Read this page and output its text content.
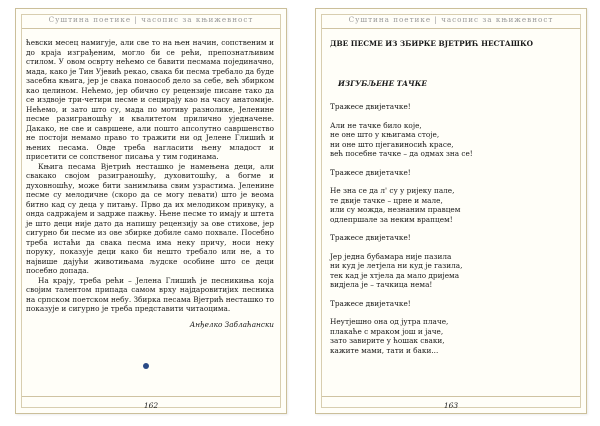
Суштина поетике | часопис за књижевност

ћевски месец намигује, али све то на њен начин, сопственим и до краја изграђеним, могло би се рећи, препознатљивим стилом. У овом осврту нећемо се бавити песмама појединачно, мада, како је Тин Ујевић рекао, свака би песма требало да буде засебна књига, јер је свака понаособ дело за себе, већ збирком као целином. Нећемо, јер обично су рецензије писане тако да се издвоје три-четири песме и сецирају као на часу анатомије. Нећемо, и зато што су, мада по мотиву разнолике, Јеленине песме разиграношћу и квалитетом прилично уједначене. Дакако, не све и савршене, али пошто апсолутно савршенство не постоји немамо право то тражити ни од Јелене Глишић и њених песама. Овде треба нагласити њену младост и присетити се сопственог писања у тим годинама.

Књига песама Вјетрић несташко је намењена деци, али свакако својом разиграношћу, духовитошћу, а богме и духовношћу, може бити занимљива свим узрастима. Јеленине песме су мелодичне (скоро да се могу певати) што је веома битно кад су деца у питању. Прво да их мелодиком привуку, а онда садржајем и задрже пажњу. Њене песме то имају и штета је што деци није дато да напишу рецензију за ове стихове, јер сигурно би песме из ове збирке добиле само похвале. Посебно треба истаћи да свака песма има неку причу, носи неку поруку, показује деци како би нешто требало или не, а то највише дајући животињама људске особине што се деци посебно допада.

На крају, треба рећи – Јелена Глишић је песникиња која својим талентом припада самом врху најдаровитијих песника на српском поетском небу. Збирка песама Вјетрић несташко то показује и сигурно је треба представити читаоцима.

Анђелко Заблаћански

162
Суштина поетике | часопис за књижевност

ДВЕ ПЕСМЕ ИЗ ЗБИРКЕ ВЈЕТРИЋ НЕСТАШКО

ИЗГУБЉЕНЕ ТАЧКЕ

Тражесе двијетачке!

Али не тачке било које,

не оне што у књигама стоје,

ни оне што пјегавиносић красе,

већ посебне тачке – да одмах зна се!

Тражесе двијетачке!

Не зна се да л' су у ријеку пале,

те двије тачке – црне и мале,

или су можда, незнаним правцем

одлепршале за неким врапцем!

Тражесе двијетачке!

Јер једна бубамара није пазила

ни куд је летјела ни куд је газила,

тек кад је хтјела да мало дријема

видјела је – тачкица нема!

Тражесе двијетачке!

Неутјешно она од јутра плаче,

плакаће с мраком још и јаче,

зато завирите у ћошак сваки,

кажите мами, тати и баки...

163
